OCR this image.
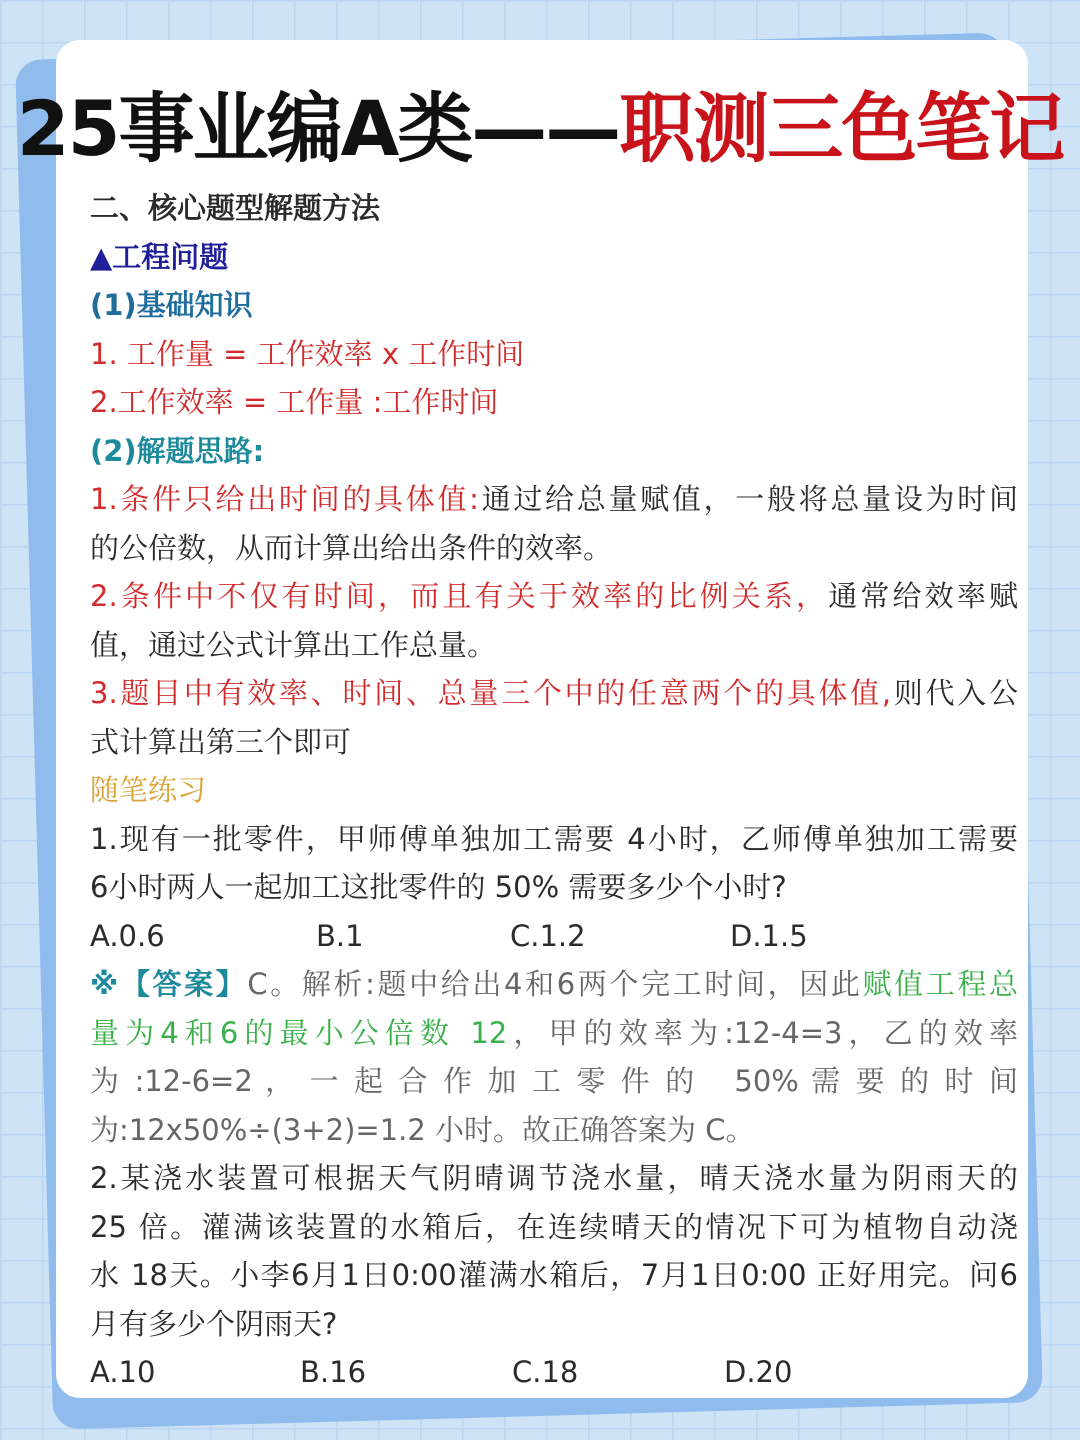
25事业编A类——职测三色笔记

二、核心题型解题方法

▲工程问题

(1)基础知识

1. 工作量 = 工作效率 x 工作时间

2.工作效率 = 工作量 :工作时间

(2)解题思路:

1.条件只给出时间的具体值:通过给总量赋值，一般将总量设为时间

的公倍数，从而计算出给出条件的效率。

2.条件中不仅有时间，而且有关于效率的比例关系，通常给效率赋

值，通过公式计算出工作总量。

3.题目中有效率、时间、总量三个中的任意两个的具体值,则代入公

式计算出第三个即可

随笔练习

1.现有一批零件，甲师傅单独加工需要 4小时，乙师傅单独加工需要

6小时两人一起加工这批零件的 50% 需要多少个小时?

A.0.6	B.1	C.1.2	D.1.5

※【答案】C。解析:题中给出4和6两个完工时间，因此赋值工程总

量为4和6的最小公倍数 12，甲的效率为:12-4=3，乙的效率

为 :12-6=2 ， 一 起 合 作 加 工 零 件 的   50% 需 要 的 时 间

为:12x50%÷(3+2)=1.2 小时。故正确答案为 C。

2.某浇水装置可根据天气阴晴调节浇水量，晴天浇水量为阴雨天的

25 倍。灌满该装置的水箱后，在连续晴天的情况下可为植物自动浇

水 18天。小李6月1日0:00灌满水箱后，7月1日0:00 正好用完。问6

月有多少个阴雨天?

A.10	B.16	C.18	D.20
